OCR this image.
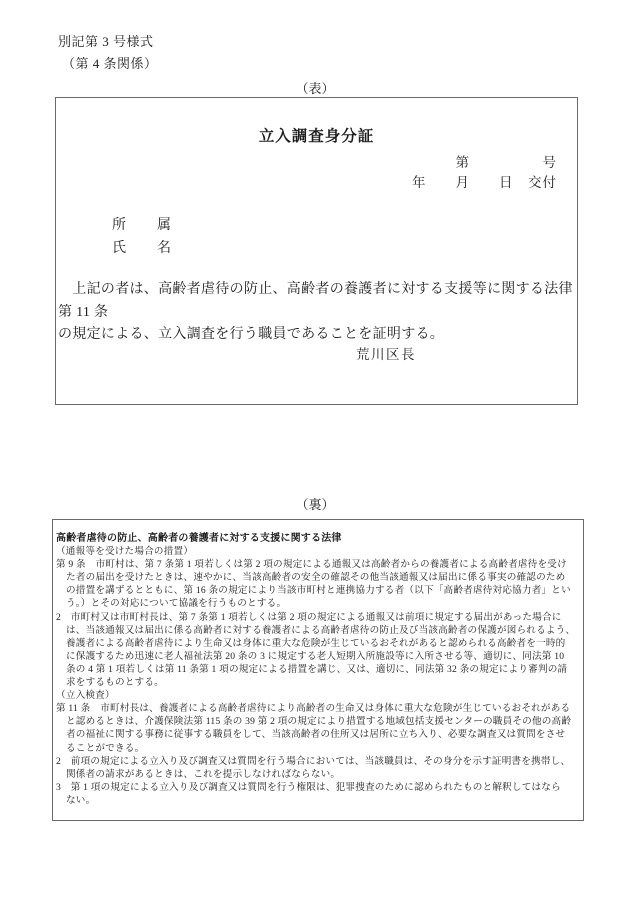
別記第 3 号様式
（第 4 条関係）
（表）
立入調査身分証
第　　　　　号
年　　月　　日　交付
所　　属
氏　　名
　上記の者は、高齢者虐待の防止、高齢者の養護者に対する支援等に関する法律第 11 条
の規定による、立入調査を行う職員であることを証明する。
荒川区長
（裏）
高齢者虐待の防止、高齢者の養護者に対する支援に関する法律
（通報等を受けた場合の措置）
第 9 条　市町村は、第 7 条第 1 項若しくは第 2 項の規定による通報又は高齢者からの養護者による高齢者虐待を受け
た者の届出を受けたときは、速やかに、当該高齢者の安全の確認その他当該通報又は届出に係る事実の確認のため
の措置を講ずるとともに、第 16 条の規定により当該市町村と連携協力する者（以下「高齢者虐待対応協力者」とい
う。）とその対応について協議を行うものとする。
2　市町村又は市町村長は、第 7 条第 1 項若しくは第 2 項の規定による通報又は前項に規定する届出があった場合に
は、当該通報又は届出に係る高齢者に対する養護者による高齢者虐待の防止及び当該高齢者の保護が図られるよう、
養護者による高齢者虐待により生命又は身体に重大な危険が生じているおそれがあると認められる高齢者を一時的
に保護するため迅速に老人福祉法第 20 条の 3 に規定する老人短期入所施設等に入所させる等、適切に、同法第 10
条の 4 第 1 項若しくは第 11 条第 1 項の規定による措置を講じ、又は、適切に、同法第 32 条の規定により審判の請
求をするものとする。
（立入検査）
第 11 条　市町村長は、養護者による高齢者虐待により高齢者の生命又は身体に重大な危険が生じているおそれがある
と認めるときは、介護保険法第 115 条の 39 第 2 項の規定により措置する地域包括支援センターの職員その他の高齢
者の福祉に関する事務に従事する職員をして、当該高齢者の住所又は居所に立ち入り、必要な調査又は質問をさせ
ることができる。
2　前項の規定による立入り及び調査又は質問を行う場合においては、当該職員は、その身分を示す証明書を携帯し、
関係者の請求があるときは、これを提示しなければならない。
3　第 1 項の規定による立入り及び調査又は質問を行う権限は、犯罪捜査のために認められたものと解釈してはなら
ない。
